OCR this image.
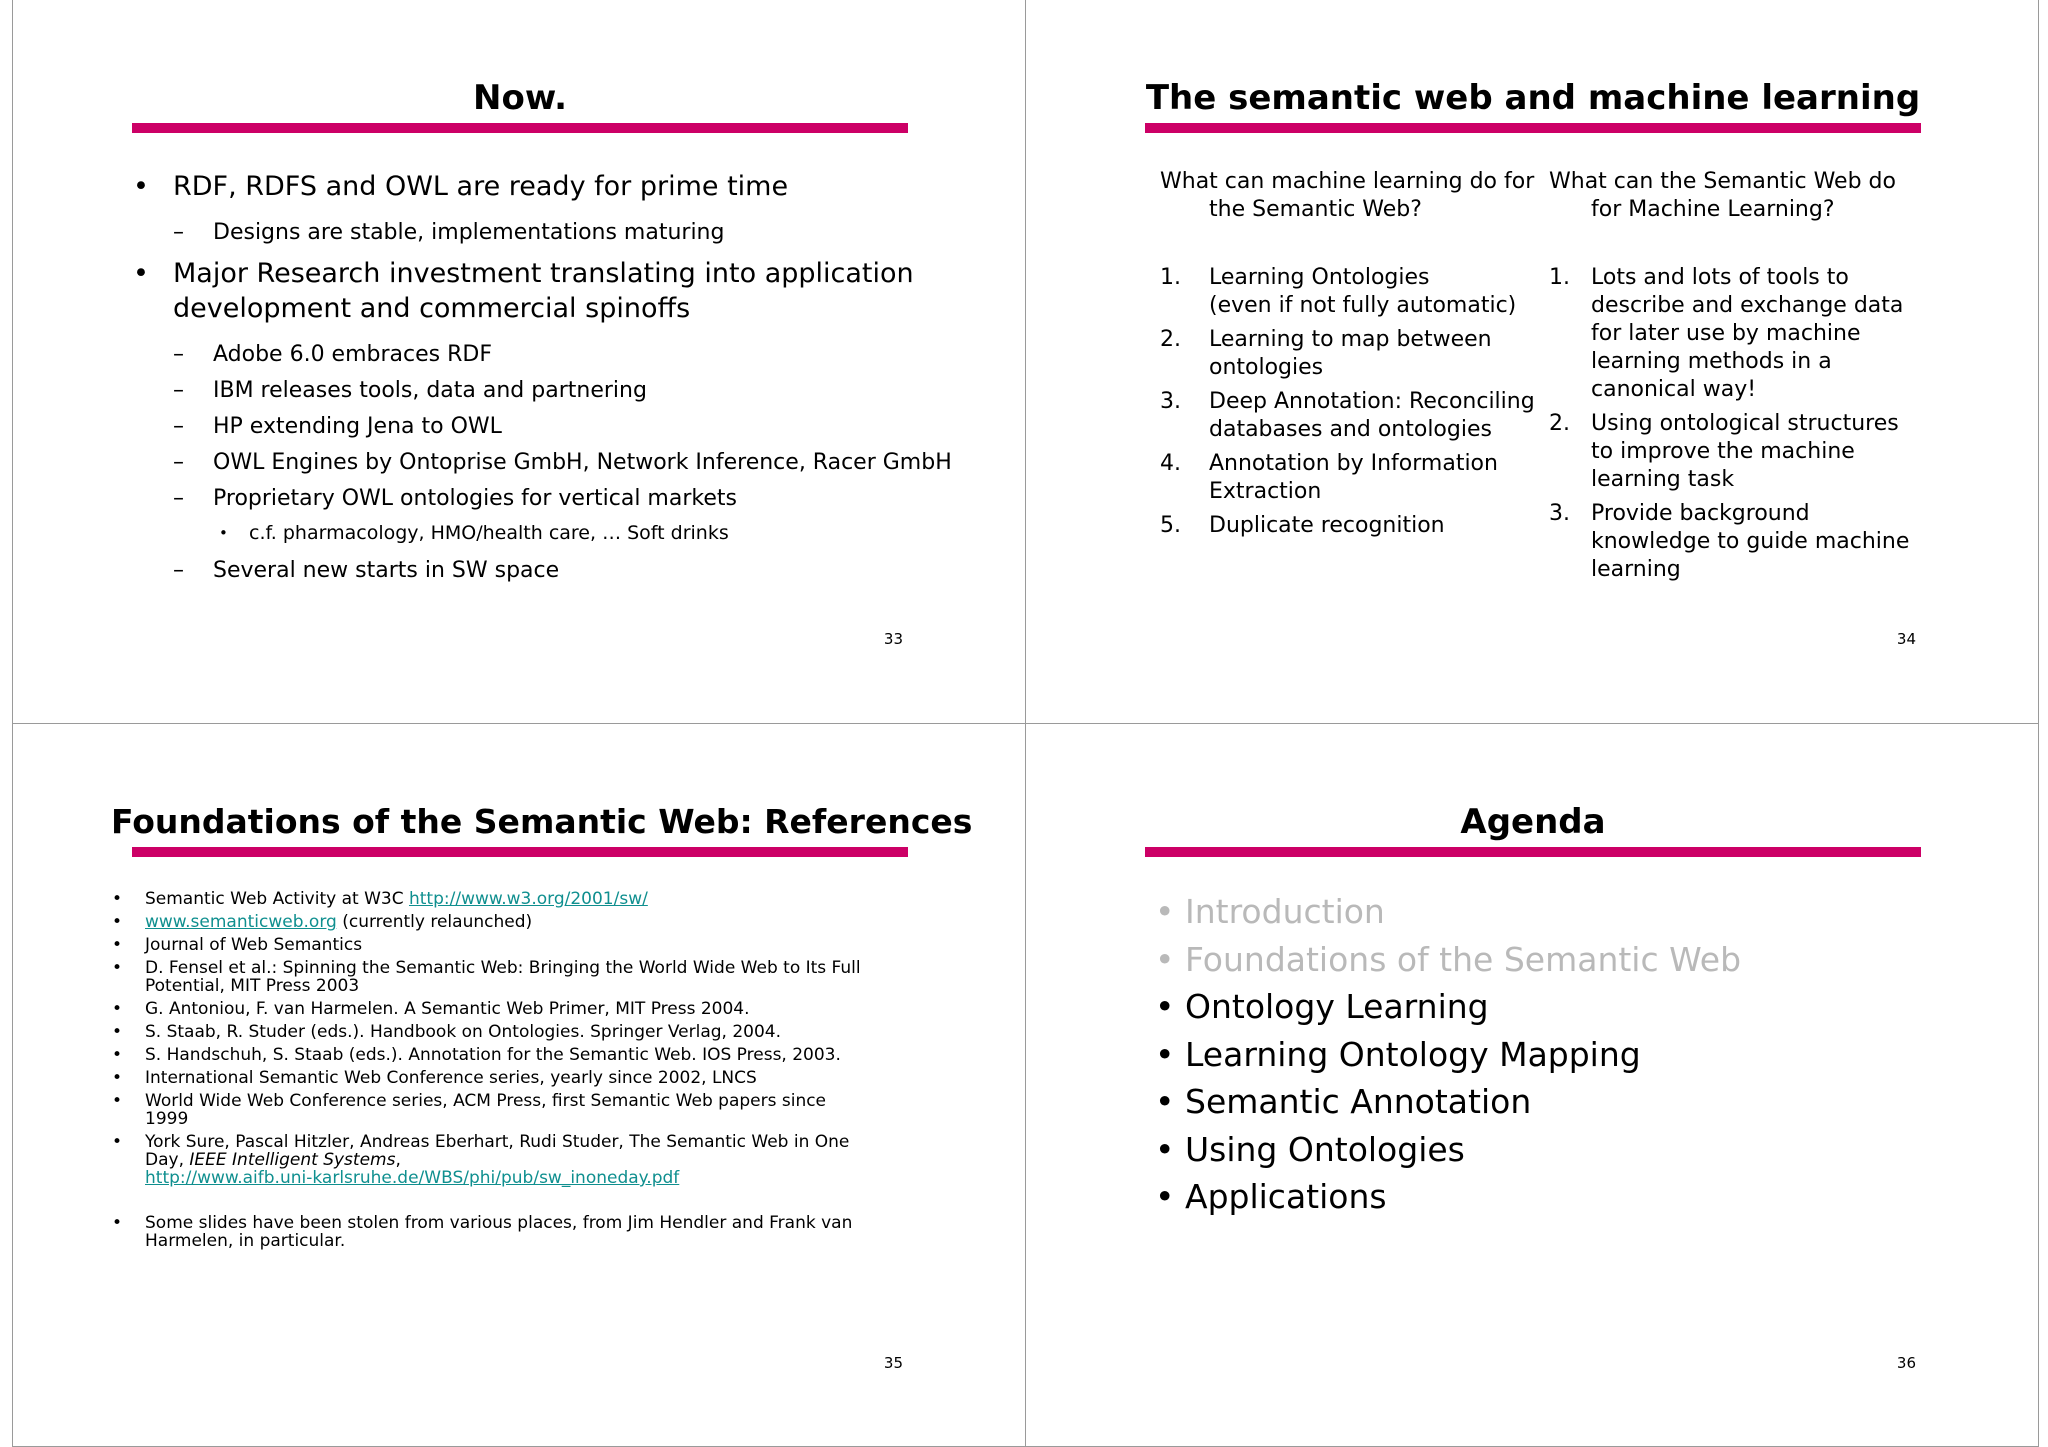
Now.
• RDF, RDFS and OWL are ready for prime time
– Designs are stable, implementations maturing
• Major Research investment translating into application
development and commercial spinoffs
– Adobe 6.0 embraces RDF
– IBM releases tools, data and partnering
– HP extending Jena to OWL
– OWL Engines by Ontoprise GmbH, Network Inference, Racer GmbH
– Proprietary OWL ontologies for vertical markets
• c.f. pharmacology, HMO/health care, … Soft drinks
– Several new starts in SW space
33
The semantic web and machine learning
What can machine learning do for
the Semantic Web?
1. Learning Ontologies
(even if not fully automatic)
2. Learning to map between
ontologies
3. Deep Annotation: Reconciling
databases and ontologies
4. Annotation by Information
Extraction
5. Duplicate recognition
What can the Semantic Web do
for Machine Learning?
1. Lots and lots of tools to
describe and exchange data
for later use by machine
learning methods in a
canonical way!
2. Using ontological structures
to improve the machine
learning task
3. Provide background
knowledge to guide machine
learning
34
Foundations of the Semantic Web: References
• Semantic Web Activity at W3C http://www.w3.org/2001/sw/
• www.semanticweb.org (currently relaunched)
• Journal of Web Semantics
• D. Fensel et al.: Spinning the Semantic Web: Bringing the World Wide Web to Its Full
Potential, MIT Press 2003
• G. Antoniou, F. van Harmelen. A Semantic Web Primer, MIT Press 2004.
• S. Staab, R. Studer (eds.). Handbook on Ontologies. Springer Verlag, 2004.
• S. Handschuh, S. Staab (eds.). Annotation for the Semantic Web. IOS Press, 2003.
• International Semantic Web Conference series, yearly since 2002, LNCS
• World Wide Web Conference series, ACM Press, first Semantic Web papers since
1999
• York Sure, Pascal Hitzler, Andreas Eberhart, Rudi Studer, The Semantic Web in One
Day, IEEE Intelligent Systems,
http://www.aifb.uni-karlsruhe.de/WBS/phi/pub/sw_inoneday.pdf
• Some slides have been stolen from various places, from Jim Hendler and Frank van
Harmelen, in particular.
35
Agenda
• Introduction
• Foundations of the Semantic Web
• Ontology Learning
• Learning Ontology Mapping
• Semantic Annotation
• Using Ontologies
• Applications
36
